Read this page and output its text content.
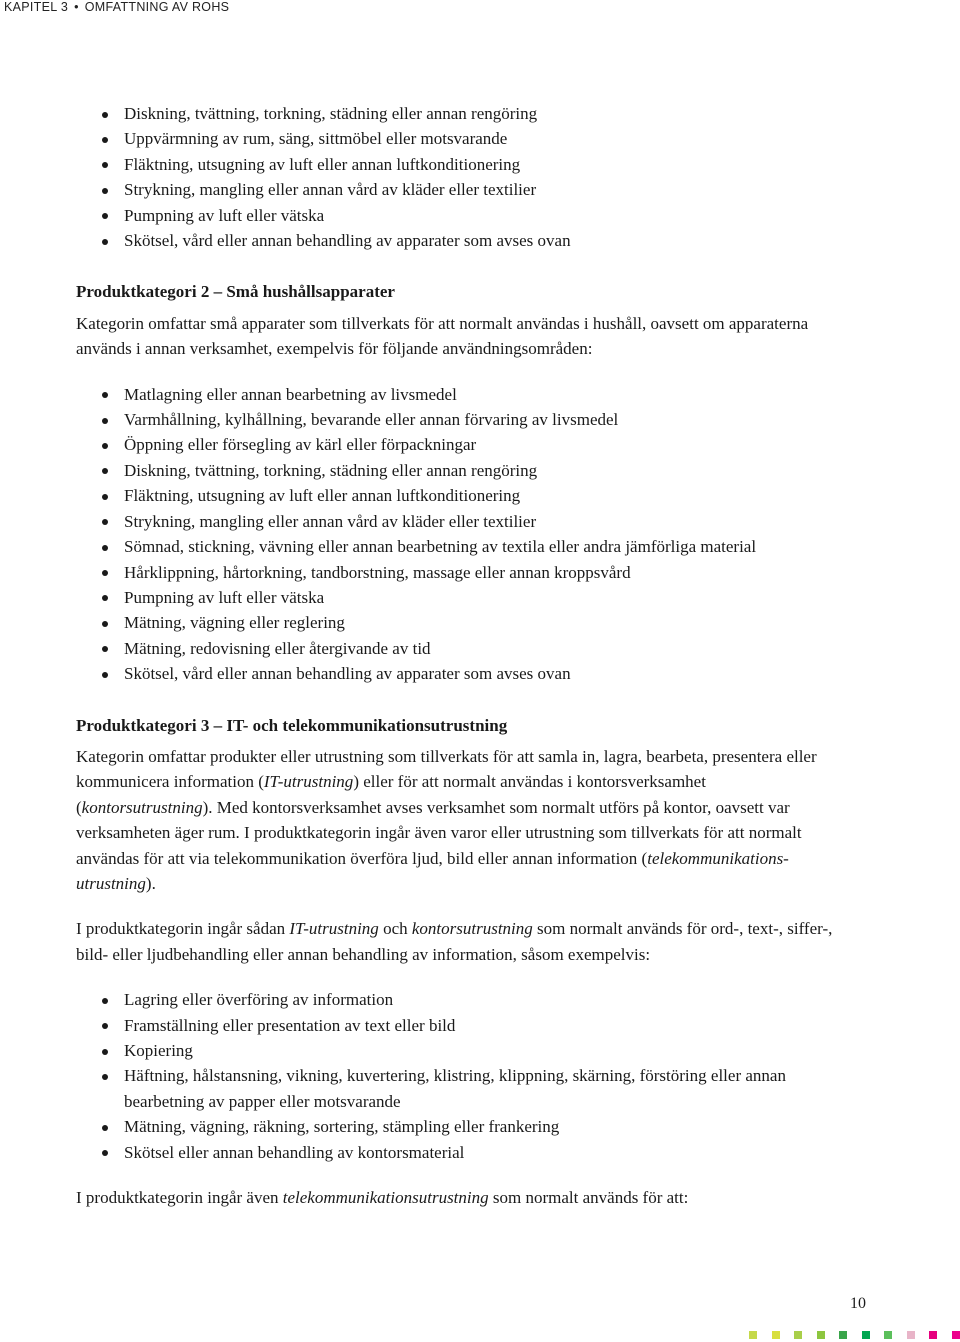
KAPITEL 3 • OMFATTNING AV ROHS
Diskning, tvättning, torkning, städning eller annan rengöring
Uppvärmning av rum, säng, sittmöbel eller motsvarande
Fläktning, utsugning av luft eller annan luftkonditionering
Strykning, mangling eller annan vård av kläder eller textilier
Pumpning av luft eller vätska
Skötsel, vård eller annan behandling av apparater som avses ovan
Produktkategori 2 – Små hushållsapparater

Kategorin omfattar små apparater som tillverkats för att normalt användas i hushåll, oavsett om apparaterna används i annan verksamhet, exempelvis för följande användningsområden:

Matlagning eller annan bearbetning av livsmedel
Varmhållning, kylhållning, bevarande eller annan förvaring av livsmedel
Öppning eller försegling av kärl eller förpackningar
Diskning, tvättning, torkning, städning eller annan rengöring
Fläktning, utsugning av luft eller annan luftkonditionering
Strykning, mangling eller annan vård av kläder eller textilier
Sömnad, stickning, vävning eller annan bearbetning av textila eller andra jämförliga material
Hårklippning, hårtorkning, tandborstning, massage eller annan kroppsvård
Pumpning av luft eller vätska
Mätning, vägning eller reglering
Mätning, redovisning eller återgivande av tid
Skötsel, vård eller annan behandling av apparater som avses ovan
Produktkategori 3 – IT- och telekommunikationsutrustning

Kategorin omfattar produkter eller utrustning som tillverkats för att samla in, lagra, bearbeta, presentera eller kommunicera information (IT-utrustning) eller för att normalt användas i kontorsverksamhet (kontorsutrustning). Med kontorsverksamhet avses verksamhet som normalt utförs på kontor, oavsett var verksamheten äger rum. I produktkategorin ingår även varor eller utrustning som tillverkats för att normalt användas för att via telekommunikation överföra ljud, bild eller annan information (telekommunikations-utrustning).

I produktkategorin ingår sådan IT-utrustning och kontorsutrustning som normalt används för ord-, text-, siffer-, bild- eller ljudbehandling eller annan behandling av information, såsom exempelvis:

Lagring eller överföring av information
Framställning eller presentation av text eller bild
Kopiering
Häftning, hålstansning, vikning, kuvertering, klistring, klippning, skärning, förstöring eller annan bearbetning av papper eller motsvarande
Mätning, vägning, räkning, sortering, stämpling eller frankering
Skötsel eller annan behandling av kontorsmaterial

I produktkategorin ingår även telekommunikationsutrustning som normalt används för att:

10
